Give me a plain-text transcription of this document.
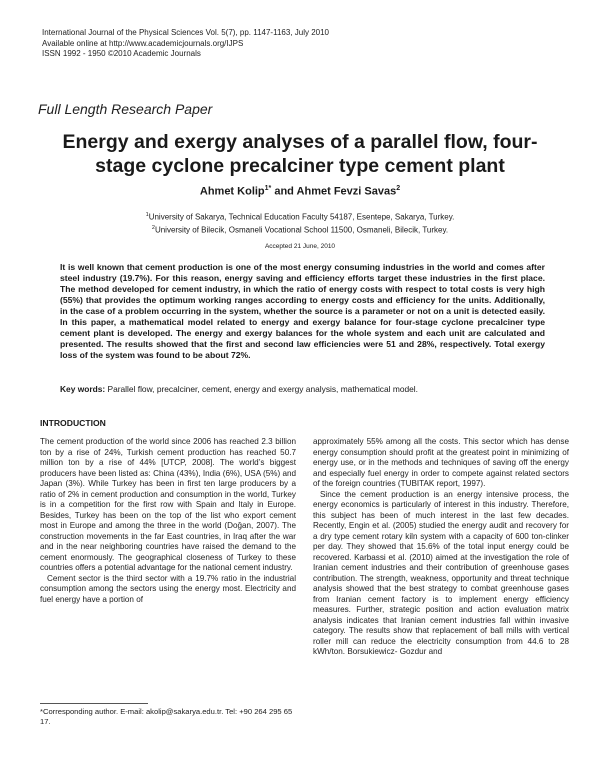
International Journal of the Physical Sciences Vol. 5(7), pp. 1147-1163, July 2010
Available online at http://www.academicjournals.org/IJPS
ISSN 1992 - 1950 ©2010 Academic Journals
Full Length Research Paper
Energy and exergy analyses of a parallel flow, four-stage cyclone precalciner type cement plant
Ahmet Kolip$^{1*}$ and Ahmet Fevzi Savas$^2$
$^1$University of Sakarya, Technical Education Faculty 54187, Esentepe, Sakarya, Turkey.
$^2$University of Bilecik, Osmaneli Vocational School 11500, Osmaneli, Bilecik, Turkey.
Accepted 21 June, 2010
It is well known that cement production is one of the most energy consuming industries in the world and comes after steel industry (19.7%). For this reason, energy saving and efficiency efforts target these industries in the first place. The method developed for cement industry, in which the ratio of energy costs with respect to total costs is very high (55%) that provides the optimum working ranges according to energy costs and efficiency for the units. Additionally, in the case of a problem occurring in the system, whether the source is a parameter or not on a unit is detected easily. In this paper, a mathematical model related to energy and exergy balance for four-stage cyclone precalciner type cement plant is developed. The energy and exergy balances for the whole system and each unit are calculated and presented. The results showed that the first and second law efficiencies were 51 and 28%, respectively. Total exergy loss of the system was found to be about 72%.
Key words: Parallel flow, precalciner, cement, energy and exergy analysis, mathematical model.
INTRODUCTION

The cement production of the world since 2006 has reached 2.3 billion ton by a rise of 24%, Turkish cement production has reached 50.7 million ton by a rise of 44% [UTCP, 2008]. The world’s biggest producers have been listed as: China (43%), India (6%), USA (5%) and Japan (3%). While Turkey has been in first ten large producers by a ratio of 2% in cement production and consumption in the world, Turkey is in a competition for the first row with Spain and Italy in Europe. Besides, Turkey has been on the top of the list who export cement most in Europe and among the three in the world (Doğan, 2007). The construction movements in the far East countries, in Iraq after the war and in the near neighboring countries have raised the demand to the cement enormously. The geographical closeness of Turkey to these countries offers a potential advantage for the national cement industry.

Cement sector is the third sector with a 19.7% ratio in the industrial consumption among the sectors using the energy most. Electricity and fuel energy have a portion of

approximately 55% among all the costs. This sector which has dense energy consumption should profit at the greatest point in minimizing of energy use, or in the methods and techniques of saving off the energy and especially fuel energy in order to compete against related sectors of the foreign countries (TUBITAK report, 1997).

Since the cement production is an energy intensive process, the energy economics is particularly of interest in this industry. Therefore, this subject has been of much interest in the last few decades. Recently, Engin et al. (2005) studied the energy audit and recovery for a dry type cement rotary kiln system with a capacity of 600 ton-clinker per day. They showed that 15.6% of the total input energy could be recovered. Karbassi et al. (2010) aimed at the investigation the role of Iranian cement industries and their contribution of greenhouse gases contribution. The strength, weakness, opportunity and threat technique analysis showed that the best strategy to combat greenhouse gases from Iranian cement factory is to implement energy efficiency measures. Further, strategic position and action evaluation matrix analysis indicates that Iranian cement industries fall within invasive category. The results show that replacement of ball mills with vertical roller mill can reduce the electricity consumption from 44.6 to 28 kWh/ton. Borsukiewicz- Gozdur and

*Corresponding author. E-mail: akolip@sakarya.edu.tr. Tel: +90 264 295 65 17.
